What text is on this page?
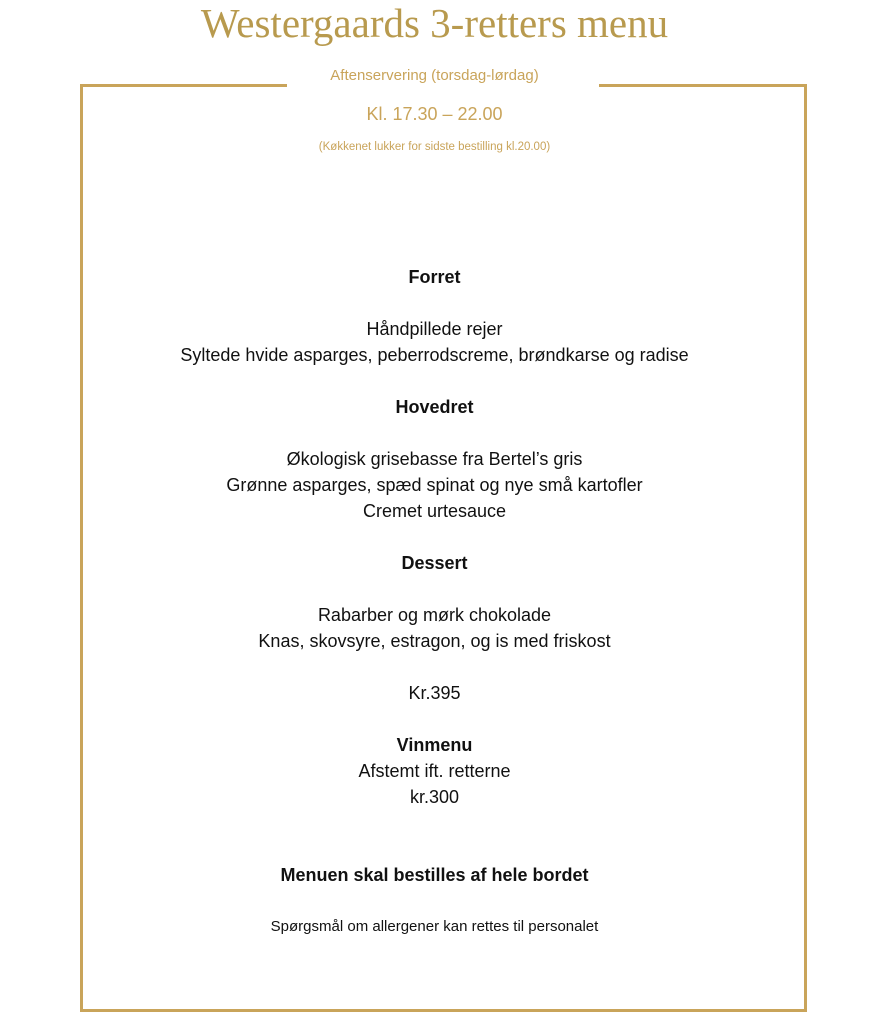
Westergaards 3-retters menu
Aftenservering (torsdag-lørdag)
Kl. 17.30 – 22.00
(Køkkenet lukker for sidste bestilling kl.20.00)

Forret

Håndpillede rejer

Syltede hvide asparges, peberrodscreme, brøndkarse og radise

Hovedret

Økologisk grisebasse fra Bertel’s gris

Grønne asparges, spæd spinat og nye små kartofler

Cremet urtesauce

Dessert

Rabarber og mørk chokolade

Knas, skovsyre, estragon, og is med friskost

Kr.395

Vinmenu

Afstemt ift. retterne

kr.300

Menuen skal bestilles af hele bordet

Spørgsmål om allergener kan rettes til personalet
